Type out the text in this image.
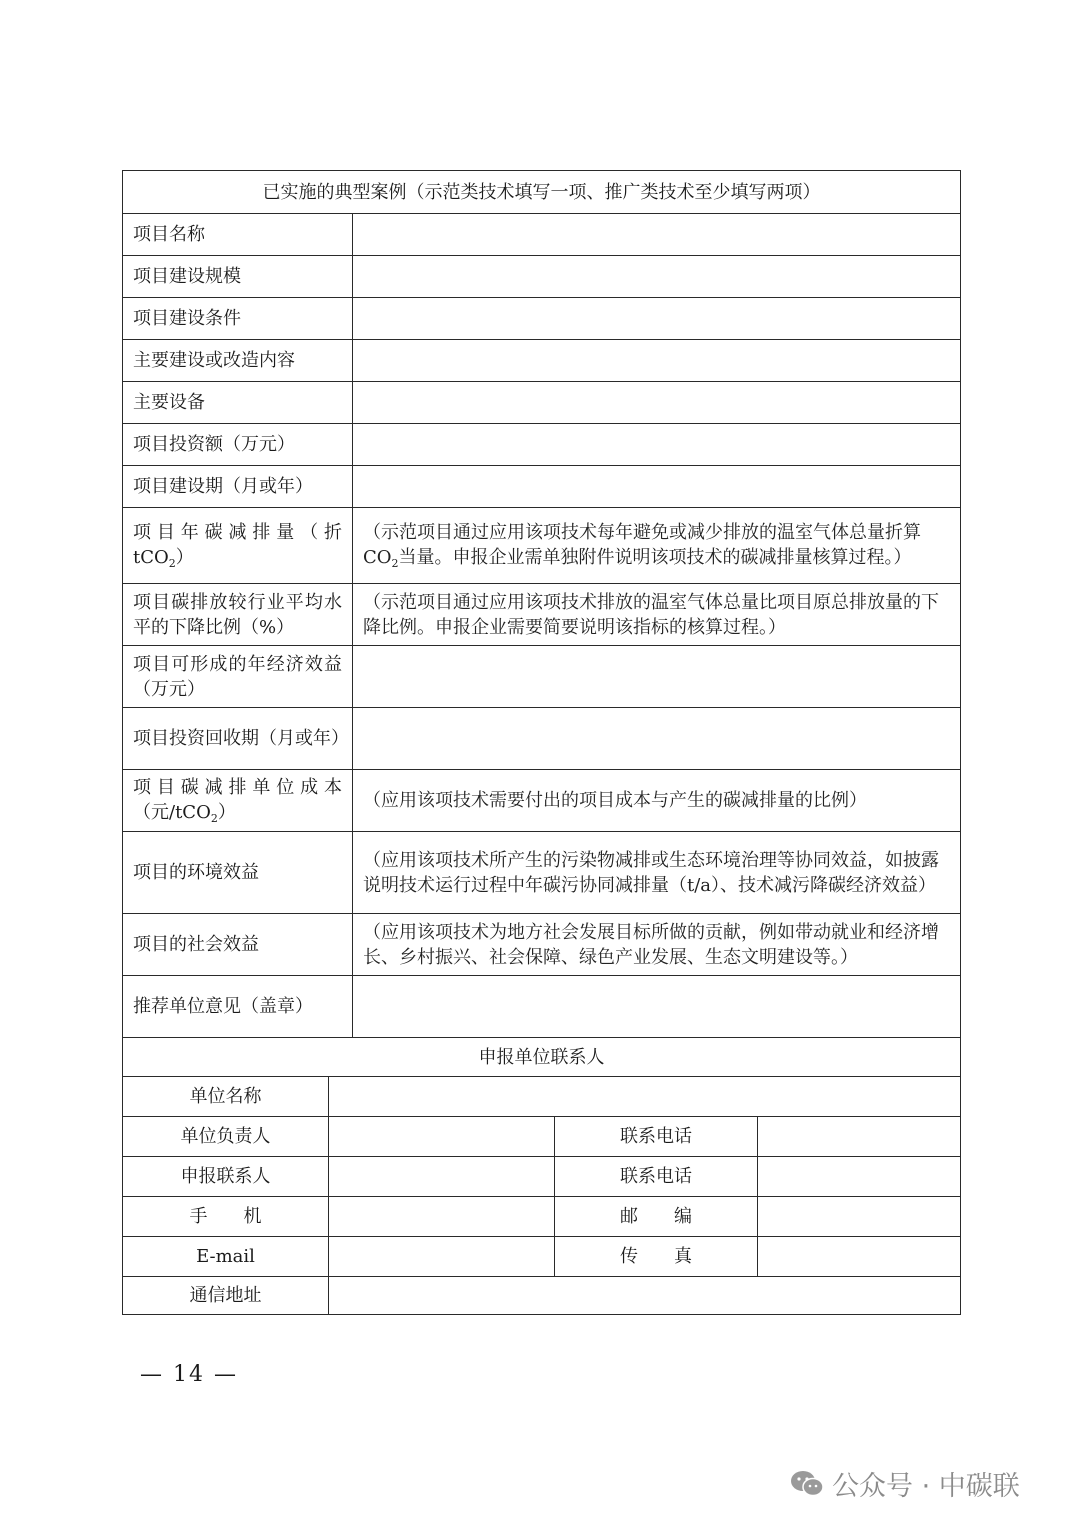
已实施的典型案例（示范类技术填写一项、推广类技术至少填写两项）				
项目名称				
项目建设规模				
项目建设条件				
主要建设或改造内容				
主要设备				
项目投资额（万元）				
项目建设期（月或年）				
项目年碳减排量（折tCO$_2$）		（示范项目通过应用该项技术每年避免或减少排放的温室气体总量折算$CO_2$当量。申报企业需单独附件说明该项技术的碳减排量核算过程。）		
项目碳排放较行业平均水平的下降比例（%）		（示范项目通过应用该项技术排放的温室气体总量比项目原总排放量的下降比例。申报企业需要简要说明该指标的核算过程。）		
项目可形成的年经济效益（万元）				
项目投资回收期（月或年）				
项目碳减排单位成本（元/tCO$_2$）		（应用该项技术需要付出的项目成本与产生的碳减排量的比例）		
项目的环境效益		（应用该项技术所产生的污染物减排或生态环境治理等协同效益，如披露说明技术运行过程中年碳污协同减排量（t/a）、技术减污降碳经济效益）		
项目的社会效益		（应用该项技术为地方社会发展目标所做的贡献，例如带动就业和经济增长、乡村振兴、社会保障、绿色产业发展、生态文明建设等。）		
推荐单位意见（盖章）				
申报单位联系人				
单位名称				
单位负责人			联系电话	
申报联系人			联系电话	
手　　机			邮　　编	
E-mail			传　　真	
通信地址				
— 14 —
公众号 · 中碳联
